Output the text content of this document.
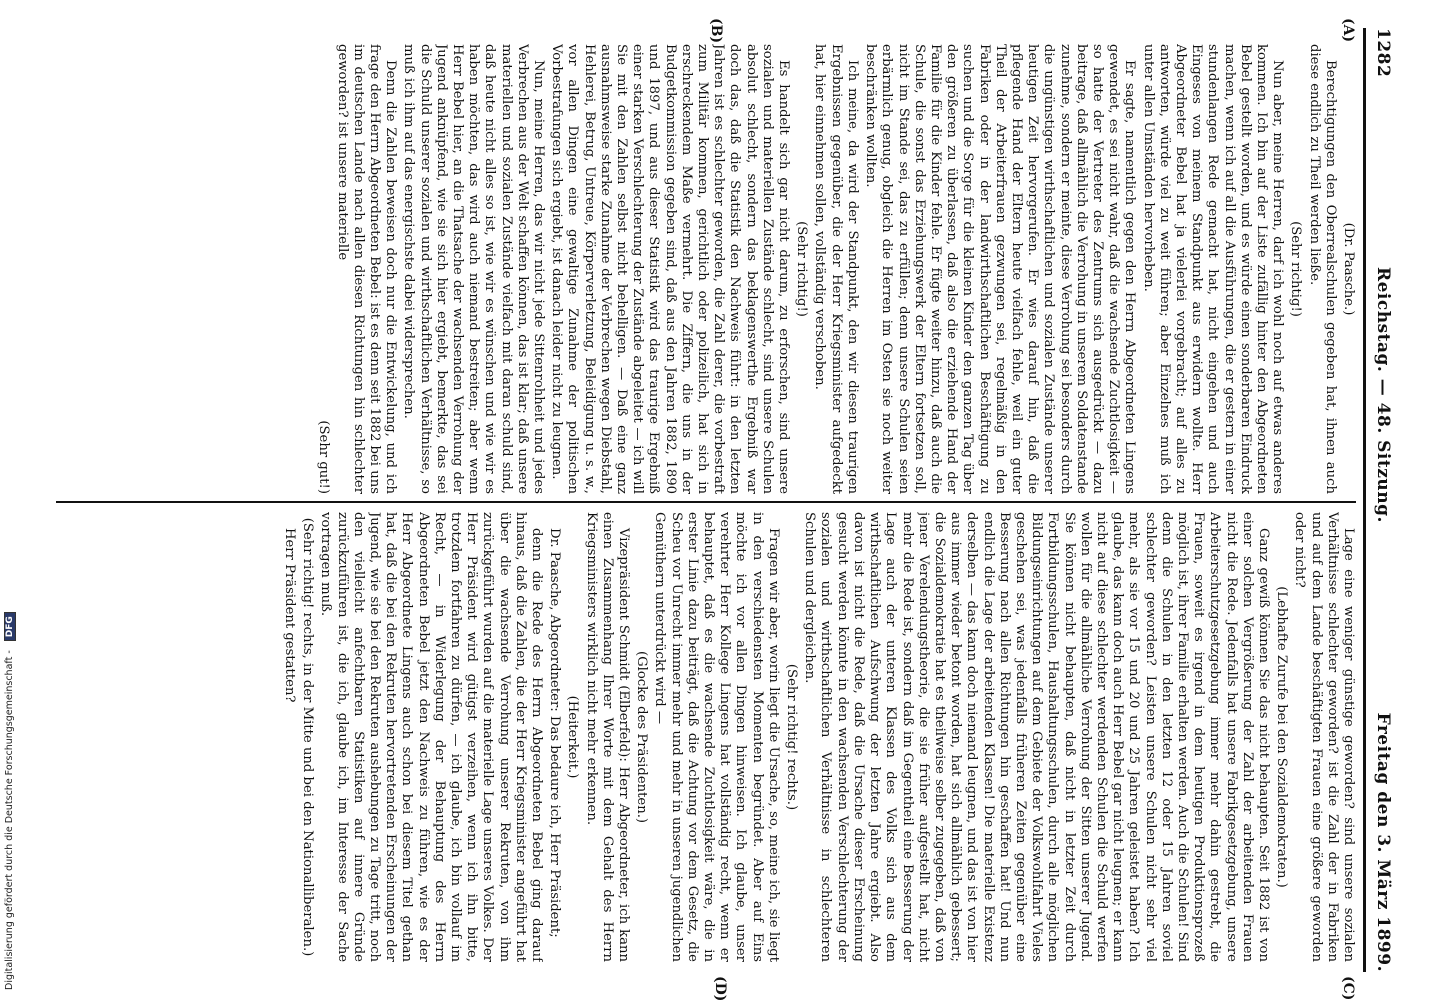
1282
Reichstag. — 48. Sitzung.
Freitag den 3. März 1899.
(A)
(B)
(C)
(D)

(Dr. Paasche.)

Berechtigungen den Oberrealschulen gegeben hat, ihnen auch diese endlich zu Theil werden ließe.

(Sehr richtig!)

Nun aber, meine Herren, darf ich wohl noch auf etwas anderes kommen. Ich bin auf der Liste zufällig hinter den Abgeordneten Bebel gestellt worden, und es würde einen sonderbaren Eindruck machen, wenn ich auf all die Ausführungen, die er gestern in einer stundenlangen Rede gemacht hat, nicht eingehen und auch Eingeses von meinem Standpunkt aus erwidern wollte. Herr Abgeordneter Bebel hat ja vielerlei vorgebracht; auf alles zu antworten, würde viel zu weit führen; aber Einzelnes muß ich unter allen Umständen hervorheben.

Er sagte, namentlich gegen den Herrn Abgeordneten Lingens gewendet, es sei nicht wahr, daß die wachsende Zuchtlosigkeit — so hatte der Vertreter des Zentrums sich ausgedrückt — dazu beitrage, daß allmählich die Verrohung in unserem Soldatenstande zunehme, sondern er meinte, diese Verrohung sei besonders durch die ungünstigen wirthschaftlichen und sozialen Zustände unserer heutigen Zeit hervorgerufen. Er wies darauf hin, daß die pflegende Hand der Eltern heute vielfach fehle, weil ein guter Theil der Arbeiterfrauen gezwungen sei, regelmäßig in den Fabriken oder in der landwirthschaftlichen Beschäftigung zu suchen und die Sorge für die kleinen Kinder den ganzen Tag über den größeren zu überlassen, daß also die erziehende Hand der Familie für die Kinder fehle. Er fügte weiter hinzu, daß auch die Schule, die sonst das Erziehungswerk der Eltern fortsetzen soll, nicht im Stande sei, das zu erfüllen; denn unsere Schulen seien erbärmlich genug, obgleich die Herren im Osten sie noch weiter beschränken wollten.

Ich meine, da wird der Standpunkt, den wir diesen traurigen Ergebnissen gegenüber, die der Herr Kriegsminister aufgedeckt hat, hier einnehmen sollen, vollständig verschoben.

(Sehr richtig!)

Es handelt sich gar nicht darum, zu erforschen, sind unsere sozialen und materiellen Zustände schlecht, sind unsere Schulen absolut schlecht, sondern das beklagenswerthe Ergebniß war doch das, daß die Statistik den Nachweis führt: in den letzten Jahren ist es schlechter geworden, die Zahl derer, die vorbestraft zum Militär kommen, gerichtlich oder polizeilich, hat sich in erschreckendem Maße vermehrt. Die Ziffern, die uns in der Budgetkommission gegeben sind, daß aus den Jahren 1882, 1890 und 1897, und aus dieser Statistik wird das traurige Ergebniß einer starken Verschlechterung der Zustände abgeleitet — ich will Sie mit den Zahlen selbst nicht behelligen. — Daß eine ganz ausnahmsweise starke Zunahme der Verbrechen wegen Diebstahl, Hehlerei, Betrug, Untreue, Körperverletzung, Beleidigung u. s. w., vor allen Dingen eine gewaltige Zunahme der politischen Vorbestrafungen sich ergiebt, ist danach leider nicht zu leugnen.

Nun, meine Herren, das wir nicht jede Sittenrohheit und jedes Verbrechen aus der Welt schaffen können, das ist klar; daß unsere materiellen und sozialen Zustände vielfach mit daran schuld sind, daß heute nicht alles so ist, wie wir es wünschen und wie wir es haben möchten, das wird auch niemand bestreiten; aber wenn Herr Bebel hier, an die Thatsache der wachsenden Verrohung der Jugend anknüpfend, wie sie sich hier ergiebt, bemerkte, das sei die Schuld unserer sozialen und wirthschaftlichen Verhältnisse, so muß ich ihm auf das energischste dabei widersprechen.

Denn die Zahlen beweisen doch nur die Entwickelung, und ich frage den Herrn Abgeordneten Bebel: ist es denn seit 1882 bei uns im deutschen Lande nach allen diesen Richtungen hin schlechter geworden? ist unsere materielle

(Sehr gut!)

Lage eine weniger günstige geworden? sind unsere sozialen Verhältnisse schlechter geworden? ist die Zahl der in Fabriken und auf dem Lande beschäftigten Frauen eine größere geworden oder nicht?

(Lebhafte Zurufe bei den Sozialdemokraten.)

Ganz gewiß können Sie das nicht behaupten. Seit 1882 ist von einer solchen Vergrößerung der Zahl der arbeitenden Frauen nicht die Rede. Jedenfalls hat unsere Fabrikgesetzgebung, unsere Arbeiterschutzgesetzgebung immer mehr dahin gestrebt, die Frauen, soweit es irgend in dem heutigen Produktionsprozeß möglich ist, ihrer Familie erhalten werden. Auch die Schulen! Sind denn die Schulen in den letzten 12 oder 15 Jahren soviel schlechter geworden? Leisten unsere Schulen nicht sehr viel mehr, als sie vor 15 und 20 und 25 Jahren geleistet haben? Ich glaube, das kann doch auch Herr Bebel gar nicht leugnen; er kann nicht auf diese schlechter werdenden Schulen die Schuld werfen wollen für die allmähliche Verrohung der Sitten unserer Jugend. Sie können nicht behaupten, daß nicht in letzter Zeit durch Fortbildungsschulen, Haushaltungsschulen, durch alle möglichen Bildungseinrichtungen auf dem Gebiete der Volkswohlfahrt Vieles geschehen sei, was jedenfalls früheren Zeiten gegenüber eine Besserung nach allen Richtungen hin geschaffen hat! Und nun endlich die Lage der arbeitenden Klassen! Die materielle Existenz derselben — das kann doch niemand leugnen, und das ist von hier aus immer wieder betont worden, hat sich allmählich gebessert; die Sozialdemokratie hat es theilweise selber zugegeben, daß von jener Verelendungstheorie, die sie früher aufgestellt hat, nicht mehr die Rede ist, sondern daß im Gegentheil eine Besserung der Lage auch der unteren Klassen des Volks sich aus dem wirthschaftlichen Aufschwung der letzten Jahre ergiebt. Also davon ist nicht die Rede, daß die Ursache dieser Erscheinung gesucht werden könnte in den wachsenden Verschlechterung der sozialen und wirthschaftlichen Verhältnisse in schlechteren Schulen und dergleichen.

(Sehr richtig! rechts.)

Fragen wir aber, worin liegt die Ursache, so, meine ich, sie liegt in den verschiedensten Momenten begründet. Aber auf Eins möchte ich vor allen Dingen hinweisen. Ich glaube, unser verehrter Herr Kollege Lingens hat vollständig recht, wenn er behauptet, daß es die wachsende Zuchtlosigkeit wäre, die in erster Linie dazu beiträgt, daß die Achtung vor dem Gesetz, die Scheu vor Unrecht immer mehr und mehr in unseren jugendlichen Gemüthern unterdrückt wird —

(Glocke des Präsidenten.)

Vizepräsident Schmidt (Elberfeld): Herr Abgeordneter, ich kann einen Zusammenhang Ihrer Worte mit dem Gehalt des Herrn Kriegsministers wirklich nicht mehr erkennen.

(Heiterkeit.)

Dr. Paasche, Abgeordneter: Das bedaure ich, Herr Präsident;

denn die Rede des Herrn Abgeordneten Bebel ging darauf hinaus, daß die Zahlen, die der Herr Kriegsminister angeführt hat über die wachsende Verrohung unserer Rekruten, von ihm zurückgeführt wurden auf die materielle Lage unseres Volkes. Der Herr Präsident wird gütigst verzeihen, wenn ich ihn bitte, trotzdem fortfahren zu dürfen, — ich glaube, ich bin vollauf im Recht, — in Widerlegung der Behauptung des Herrn Abgeordneten Bebel jetzt den Nachweis zu führen, wie es der Herr Abgeordnete Lingens auch schon bei diesem Titel gethan hat, daß die bei den Rekruten hervortretenden Erscheinungen der Jugend, wie sie bei den Rekruten aushebungen zu Tage tritt, noch den vielleicht anfechtbaren Statistiken auf innere Gründe zurückzuführen ist, die ich, glaube ich, im Interesse der Sache vortragen muß.

(Sehr richtig! rechts, in der Mitte und bei den Nationalliberalen.)

Herr Präsident gestatten?

Digitalisierung gefördert durch die Deutsche Forschungsgemeinschaft - DFG
